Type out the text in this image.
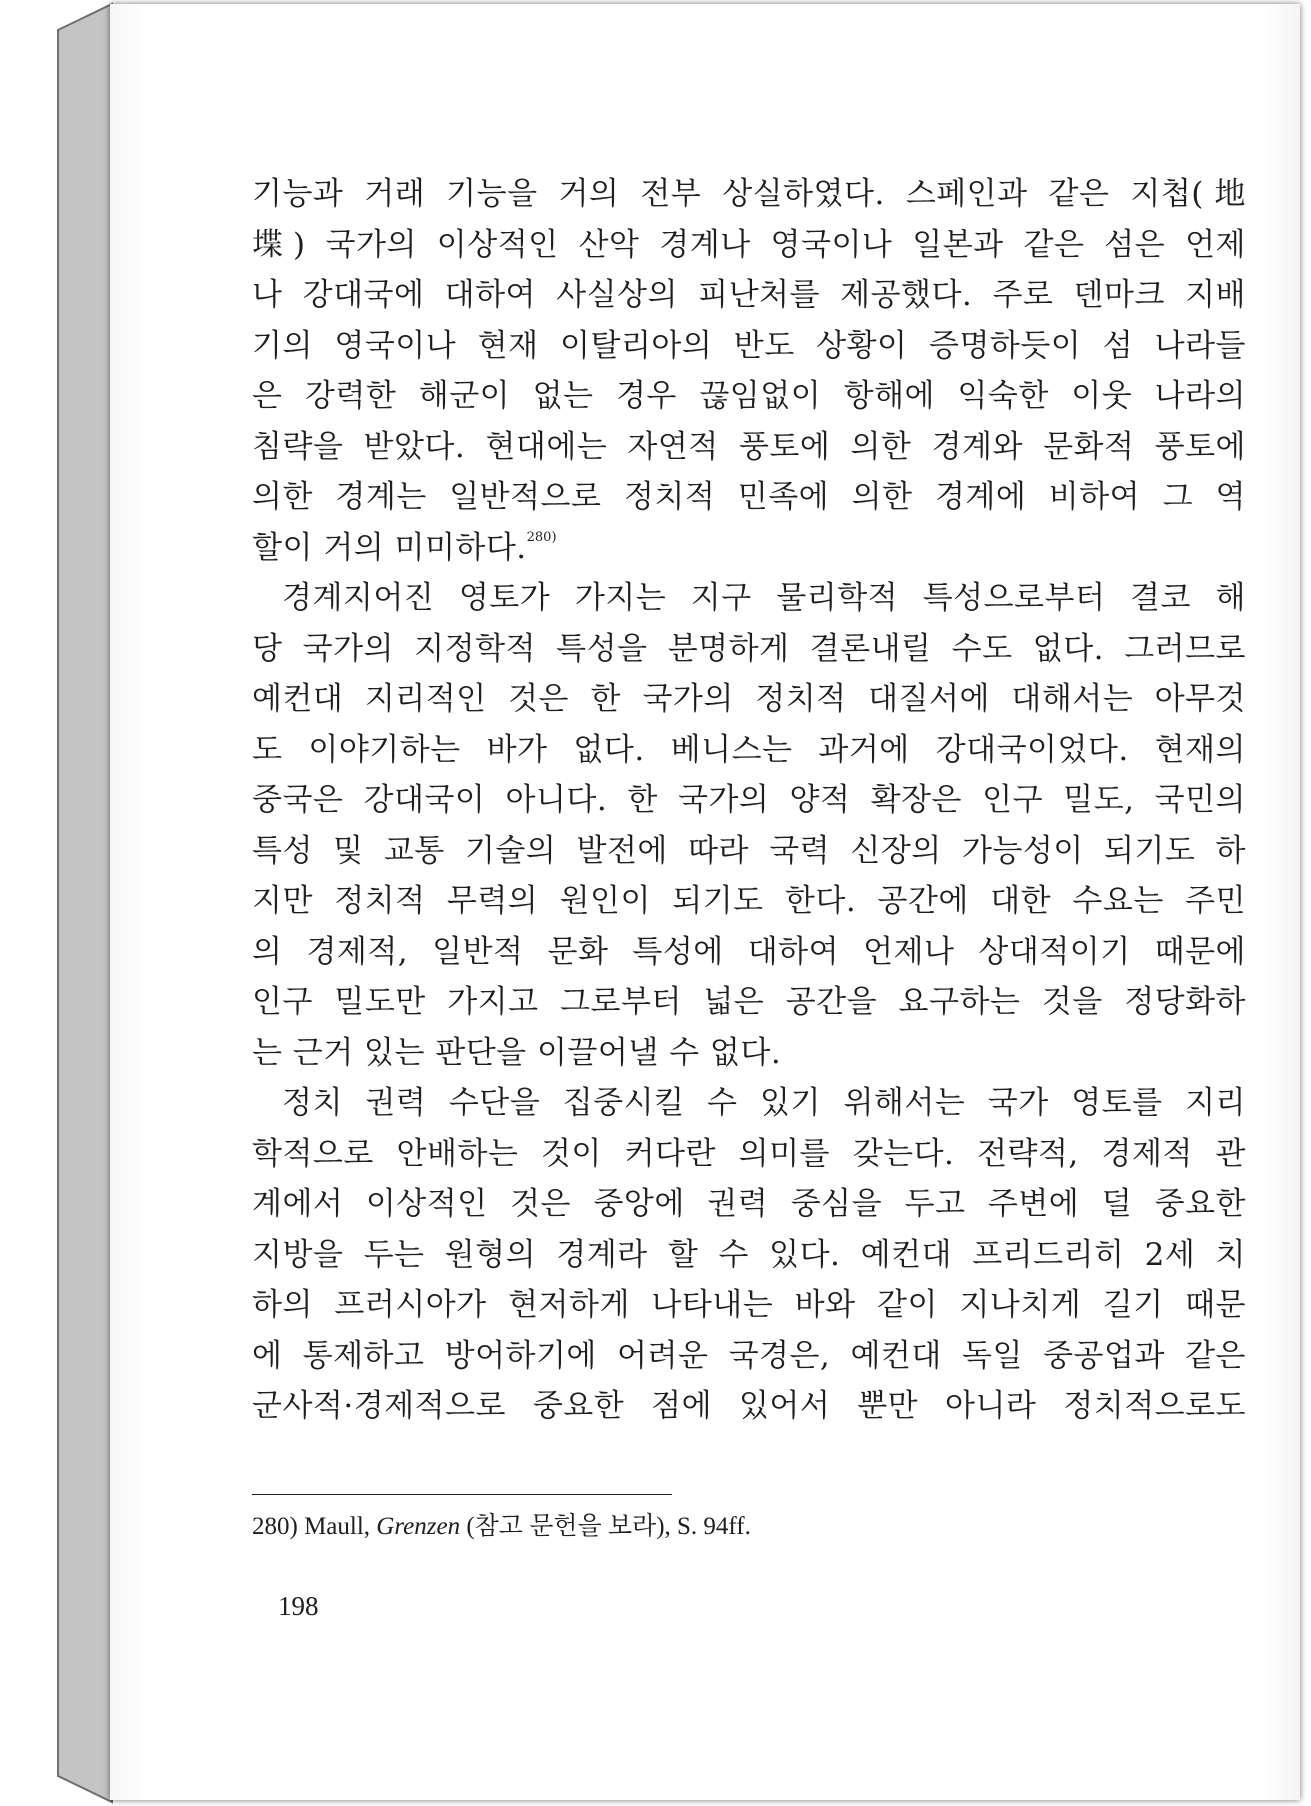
기능과 거래 기능을 거의 전부 상실하였다. 스페인과 같은 지첩(地
堞) 국가의 이상적인 산악 경계나 영국이나 일본과 같은 섬은 언제
나 강대국에 대하여 사실상의 피난처를 제공했다. 주로 덴마크 지배
기의 영국이나 현재 이탈리아의 반도 상황이 증명하듯이 섬 나라들
은 강력한 해군이 없는 경우 끊임없이 항해에 익숙한 이웃 나라의
침략을 받았다. 현대에는 자연적 풍토에 의한 경계와 문화적 풍토에
의한 경계는 일반적으로 정치적 민족에 의한 경계에 비하여 그 역
할이 거의 미미하다.$^{280)}$
경계지어진 영토가 가지는 지구 물리학적 특성으로부터 결코 해
당 국가의 지정학적 특성을 분명하게 결론내릴 수도 없다. 그러므로
예컨대 지리적인 것은 한 국가의 정치적 대질서에 대해서는 아무것
도 이야기하는 바가 없다. 베니스는 과거에 강대국이었다. 현재의
중국은 강대국이 아니다. 한 국가의 양적 확장은 인구 밀도, 국민의
특성 및 교통 기술의 발전에 따라 국력 신장의 가능성이 되기도 하
지만 정치적 무력의 원인이 되기도 한다. 공간에 대한 수요는 주민
의 경제적, 일반적 문화 특성에 대하여 언제나 상대적이기 때문에
인구 밀도만 가지고 그로부터 넓은 공간을 요구하는 것을 정당화하
는 근거 있는 판단을 이끌어낼 수 없다.
정치 권력 수단을 집중시킬 수 있기 위해서는 국가 영토를 지리
학적으로 안배하는 것이 커다란 의미를 갖는다. 전략적, 경제적 관
계에서 이상적인 것은 중앙에 권력 중심을 두고 주변에 덜 중요한
지방을 두는 원형의 경계라 할 수 있다. 예컨대 프리드리히 2세 치
하의 프러시아가 현저하게 나타내는 바와 같이 지나치게 길기 때문
에 통제하고 방어하기에 어려운 국경은, 예컨대 독일 중공업과 같은
군사적·경제적으로 중요한 점에 있어서 뿐만 아니라 정치적으로도
280) Maull, Grenzen (참고 문헌을 보라), S. 94ff.
198
